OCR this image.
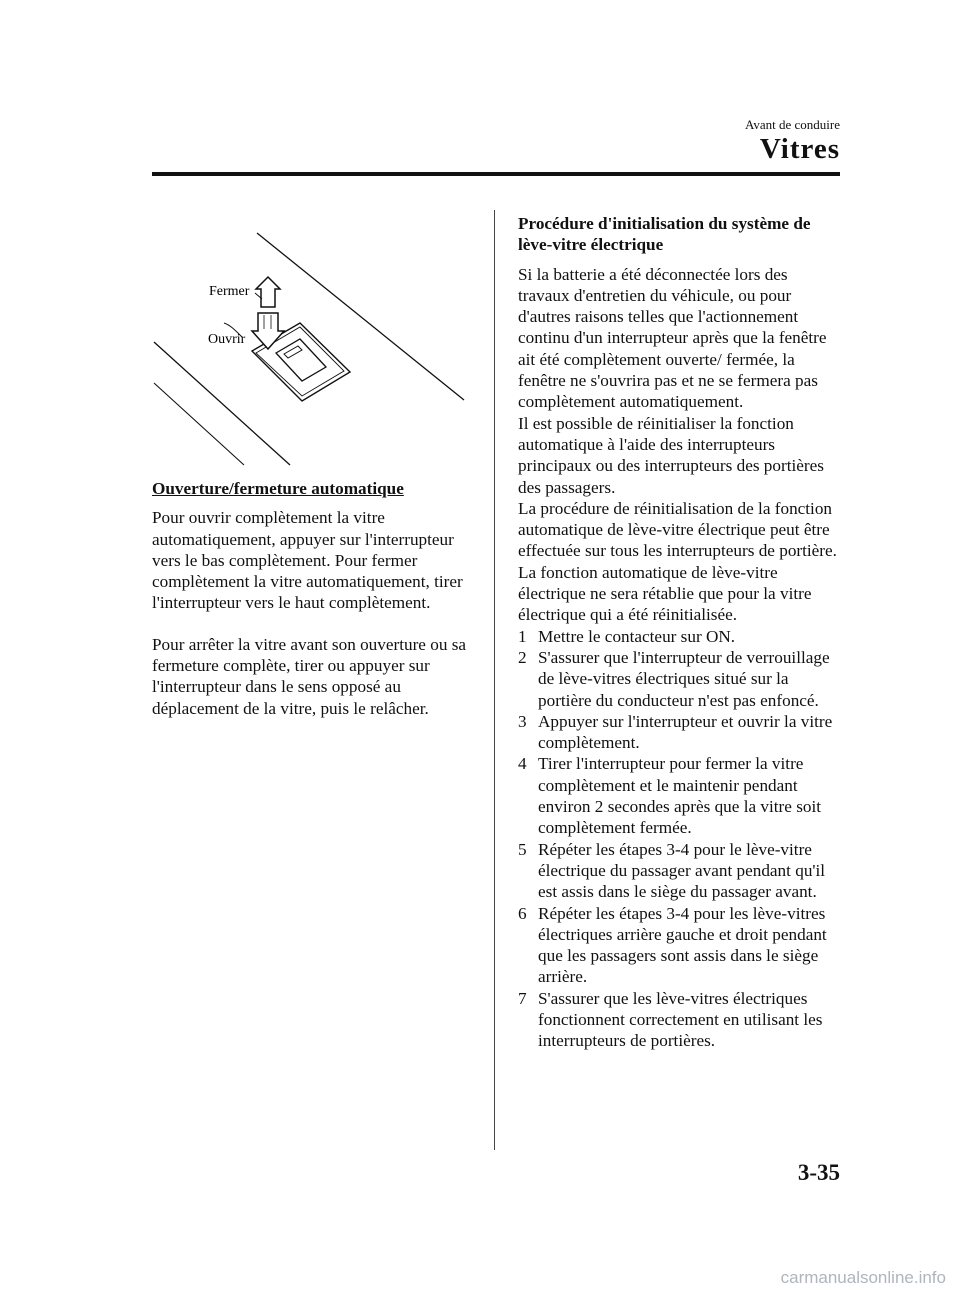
Avant de conduire
Vitres
Fermer
Ouvrir
Ouverture/fermeture automatique

Pour ouvrir complètement la vitre automatiquement, appuyer sur l'interrupteur vers le bas complètement. Pour fermer complètement la vitre automatiquement, tirer l'interrupteur vers le haut complètement.

Pour arrêter la vitre avant son ouverture ou sa fermeture complète, tirer ou appuyer sur l'interrupteur dans le sens opposé au déplacement de la vitre, puis le relâcher.

Procédure d'initialisation du système de lève-vitre électrique

Si la batterie a été déconnectée lors des travaux d'entretien du véhicule, ou pour d'autres raisons telles que l'actionnement continu d'un interrupteur après que la fenêtre ait été complètement ouverte/ fermée, la fenêtre ne s'ouvrira pas et ne se fermera pas complètement automatiquement.

Il est possible de réinitialiser la fonction automatique à l'aide des interrupteurs principaux ou des interrupteurs des portières des passagers.

La procédure de réinitialisation de la fonction automatique de lève-vitre électrique peut être effectuée sur tous les interrupteurs de portière. La fonction automatique de lève-vitre électrique ne sera rétablie que pour la vitre électrique qui a été réinitialisée.

1 Mettre le contacteur sur ON.
2 S'assurer que l'interrupteur de verrouillage de lève-vitres électriques situé sur la portière du conducteur n'est pas enfoncé.
3 Appuyer sur l'interrupteur et ouvrir la vitre complètement.
4 Tirer l'interrupteur pour fermer la vitre complètement et le maintenir pendant environ 2 secondes après que la vitre soit complètement fermée.
5 Répéter les étapes 3-4 pour le lève-vitre électrique du passager avant pendant qu'il est assis dans le siège du passager avant.
6 Répéter les étapes 3-4 pour les lève-vitres électriques arrière gauche et droit pendant que les passagers sont assis dans le siège arrière.
7 S'assurer que les lève-vitres électriques fonctionnent correctement en utilisant les interrupteurs de portières.
3-35
carmanualsonline.info
